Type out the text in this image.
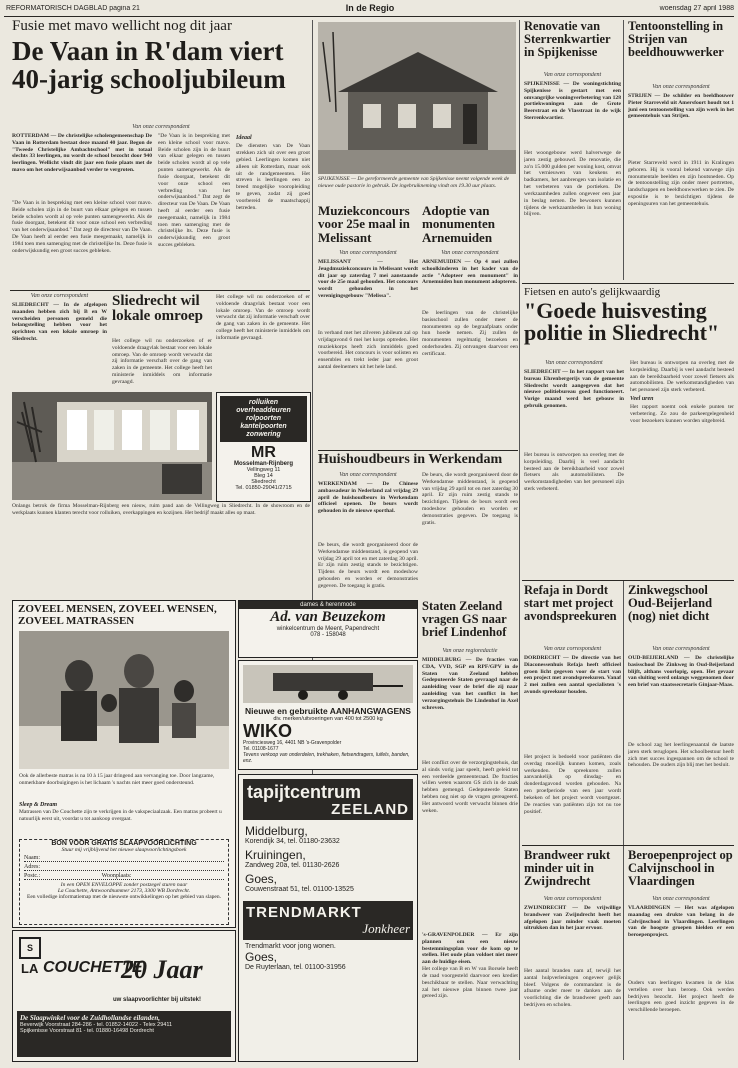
REFORMATORISCH DAGBLAD pagina 21	In de Regio	woensdag 27 april 1988
Fusie met mavo wellicht nog dit jaar
De Vaan in R'dam viert 40-jarig schooljubileum
Van onze correspondent
ROTTERDAM — De christelijke scholengemeenschap De Vaan in Rotterdam bestaat deze maand 40 jaar. Begon de "Tweede Christelijke Ambachtschool" met in totaal slechts 33 leerlingen, nu wordt de school bezocht door 940 leerlingen. Wellicht vindt dit jaar een fusie plaats met de mavo om het onderwijsaanbod verder te vergroten.
"De Vaan is in bespreking met een kleine school voor mavo. Beide scholen zijn in de buurt van elkaar gelegen en tussen beide scholen wordt al op vele punten samengewerkt. Als de fusie doorgaat, betekent dit voor onze school een verbreding van het onderwijsaanbod." Dat zegt de directeur van De Vaan. De Vaan heeft al eerder een fusie meegemaakt, namelijk in 1984 toen men samenging met de christelijke lts. Deze fusie is onderwijskundig een groot succes gebleken.
"De Vaan is in bespreking met een kleine school voor mavo. Beide scholen zijn in de buurt van elkaar gelegen en tussen beide scholen wordt al op vele punten samengewerkt. Als de fusie doorgaat, betekent dit voor onze school een verbreding van het onderwijsaanbod." Dat zegt de directeur van De Vaan. De Vaan heeft al eerder een fusie meegemaakt, namelijk in 1984 toen men samenging met de christelijke lts. Deze fusie is onderwijskundig een groot succes gebleken.
Ideaal
De diensten van De Vaan strekken zich uit over een groot gebied. Leerlingen komen niet alleen uit Rotterdam, maar ook uit de randgemeenten. Het streven is leerlingen een zo breed mogelijke vooropleiding te geven, zodat zij goed voorbereid de maatschappij betreden.
Van onze correspondent
SLIEDRECHT — In de afgelopen maanden hebben zich bij B en W verscheiden personen gemeld die belangstelling hebben voor het oprichten van een lokale omroep in Sliedrecht.
Sliedrecht wil lokale omroep
Het college wil nu onderzoeken of er voldoende draagvlak bestaat voor een lokale omroep. Van de omroep wordt verwacht dat zij informatie verschaft over de gang van zaken in de gemeente. Het college heeft het ministerie inmiddels om informatie gevraagd.
Het college wil nu onderzoeken of er voldoende draagvlak bestaat voor een lokale omroep. Van de omroep wordt verwacht dat zij informatie verschaft over de gang van zaken in de gemeente. Het college heeft het ministerie inmiddels om informatie gevraagd.
Onlangs betrok de firma Mosselman-Rijnberg een nieuw, ruim pand aan de Vellingweg in Sliedrecht. In de showroom en de werkplaats kunnen klanten terecht voor rolluiken, overkappingen en kozijnen. Het bedrijf maakt alles op maat.
rolluiken
overheaddeuren
rolpoorten
kantelpoorten
zonwering
MR
Mosselman-Rijnberg
Vellingweg 11
Bleg 14
Sliedrecht
Tel. 01850-29041/2715
ZOVEEL MENSEN, ZOVEEL WENSEN, ZOVEEL MATRASSEN
Ook de allerbeste matras is na 10 à 15 jaar dringend aan vervanging toe. Door langzame, onmerkbare doorbuigingen is het lichaam 's nachts niet meer goed ondersteund.
Sleep & Dream
Matrassen van De Couchette zijn te verkrijgen in de vakspeciaalzaak. Een matras probeert u natuurlijk eerst uit, voordat u tot aankoop overgaat.
BON VOOR GRATIS SLAAPVOORLICHTING
Stuur mij vrijblijvend het nieuwe slaapvoorlichtingsboek
Naam:
Adres:
Postc.:	Woonplaats:
In een OPEN ENVELOPPE zonder postzegel sturen naar
La Couchette, Antwoordnummer 2173, 3300 WB Dordrecht.
Een volledige informatiemap met de nieuwste ontwikkelingen op het gebied van slapen.
S
LA COUCHETTE
20 Jaar
uw slaapvoorlichter bij uitstek!
De Slaapwinkel voor de Zuidhollandse eilanden,
Beverwijk Voorstraat 284-286 - tel. 01852-14022 - Telex 29411
Spijkenisse Voorstraat 81 - tel. 01880-16498 Dordrecht
SPIJKENISSE — De gereformeerde gemeente van Spijkenisse neemt volgende week de nieuwe oude pastorie in gebruik. De ingebruikneming vindt om 19.30 uur plaats.
Muziekconcours voor 25e maal in Melissant
Van onze correspondent
MELISSANT — Het Jeugdmuziekconcours in Melissant wordt dit jaar op zaterdag 7 mei aanstaande voor de 25e maal gehouden. Het concours wordt gehouden in het verenigingsgebouw "Melissa".
In verband met het zilveren jubileum zal op vrijdagavond 6 mei het korps optreden. Het muziekkorps heeft zich inmiddels goed voorbereid. Het concours is voor solisten en ensembles en trekt ieder jaar een groot aantal deelnemers uit het hele land.
Adoptie van monumenten Arnemuiden
Van onze correspondent
ARNEMUIDEN — Op 4 mei zullen schoolkinderen in het kader van de actie "Adopteer een monument" in Arnemuiden hun monument adopteren.
De leerlingen van de christelijke basisschool zullen onder meer de monumenten op de begraafplaats onder hun hoede nemen. Zij zullen de monumenten regelmatig bezoeken en onderhouden. Zij ontvangen daarvoor een certificaat.
Huishoudbeurs in Werkendam
Van onze correspondent
WERKENDAM — De Chinese ambassadeur in Nederland zal vrijdag 29 april de huishoudbeurs in Werkendam officieel openen. De beurs wordt gehouden in de nieuwe sporthal.
De beurs, die wordt georganiseerd door de Werkendamse middenstand, is geopend van vrijdag 29 april tot en met zaterdag 30 april. Er zijn ruim zestig stands te bezichtigen. Tijdens de beurs wordt een modeshow gehouden en worden er demonstraties gegeven. De toegang is gratis.
De beurs, die wordt georganiseerd door de Werkendamse middenstand, is geopend van vrijdag 29 april tot en met zaterdag 30 april. Er zijn ruim zestig stands te bezichtigen. Tijdens de beurs wordt een modeshow gehouden en worden er demonstraties gegeven. De toegang is gratis.
dames & herenmode
Ad. van Beuzekom
winkelcentrum de Meent, Papendrecht
078 - 158048
Nieuwe en gebruikte AANHANGWAGENS
div. merken/uitvoeringen van 400 tot 2500 kg
WIKO
Provinciesweg 16, 4401 NB 's-Gravenpolder
Tel. 01108-1677
Tevens verkoop van onderdelen, trekhaken, fietsendragers, luifels, banden, enz.
tapijtcentrum
ZEELAND
Middelburg,
Korendijk 34, tel. 01180-23632
Kruiningen,
Zandweg 20a, tel. 01130-2626
Goes,
Couwenstraat 51, tel. 01100-13525
TRENDMARKT
Jonkheer
Trendmarkt voor jong wonen.
Goes,
De Ruyterlaan, tel. 01100-31956
Staten Zeeland vragen GS naar brief Lindenhof
Van onze regioredactie
MIDDELBURG — De fracties van CDA, VVD, SGP en RPF/GPV in de Staten van Zeeland hebben Gedeputeerde Staten gevraagd naar de aanleiding voor de brief die zij naar aanleiding van het conflict in het verzorgingstehuis De Lindenhof in Axel schreven.
Het conflict over de verzorgingstehuis, dat al sinds vorig jaar speelt, heeft geleid tot een verdeelde gemeenteraad. De fracties willen weten waarom GS zich in de zaak hebben gemengd. Gedeputeerde Staten hebben nog niet op de vragen gereageerd. Het antwoord wordt verwacht binnen drie weken.
's-GRAVENPOLDER — Er zijn plannen om een nieuw bestemmingsplan voor de kom op te stellen. Het oude plan voldoet niet meer aan de huidige eisen.
Het college van B en W van Borsele heeft de raad voorgesteld daarvoor een krediet beschikbaar te stellen. Naar verwachting zal het nieuwe plan binnen twee jaar gereed zijn.
Renovatie van Sterrenkwartier in Spijkenisse
Van onze correspondent
SPIJKENISSE — De woningstichting Spijkenisse is gestart met een omvangrijke woningverbetering van 128 portiekwoningen aan de Grote Beerstraat en de Vlasstraat in de wijk Sterrenkwartier.
Het woongebouw werd halverwege de jaren zestig gebouwd. De renovatie, die zo'n 15.000 gulden per woning kost, omvat het vernieuwen van keukens en badkamers, het aanbrengen van isolatie en het verbeteren van de portieken. De werkzaamheden zullen ongeveer een jaar in beslag nemen. De bewoners kunnen tijdens de werkzaamheden in hun woning blijven.
Tentoonstelling in Strijen van beeldhouwwerker
Van onze correspondent
STRIJEN — De schilder en beeldhouwer Pieter Starreveld uit Amersfoort houdt tot 1 juni een tentoonstelling van zijn werk in het gemeentehuis van Strijen.
Pieter Starreveld werd in 1911 in Kralingen geboren. Hij is vooral bekend vanwege zijn monumentale beelden en zijn houtsneden. Op de tentoonstelling zijn onder meer portretten, landschappen en beeldhouwwerken te zien. De expositie is te bezichtigen tijdens de openingsuren van het gemeentehuis.
Fietsen en auto's gelijkwaardig
"Goede huisvesting politie in Sliedrecht"
Van onze correspondent
SLIEDRECHT — In het rapport van het bureau Ehrenbergerijs van de gemeente Sliedrecht wordt aangegeven dat het nieuwe politiebureau goed functioneert. Vorige maand werd het gebouw in gebruik genomen.
Het bureau is ontworpen na overleg met de korpsleiding. Daarbij is veel aandacht besteed aan de bereikbaarheid voor zowel fietsers als automobilisten. De werkomstandigheden van het personeel zijn sterk verbeterd.
Het bureau is ontworpen na overleg met de korpsleiding. Daarbij is veel aandacht besteed aan de bereikbaarheid voor zowel fietsers als automobilisten. De werkomstandigheden van het personeel zijn sterk verbeterd.
Veel uren
Het rapport noemt ook enkele punten ter verbetering. Zo zou de parkeergelegenheid voor bezoekers kunnen worden uitgebreid.
Refaja in Dordt start met project avondspreekuren
Van onze correspondent
DORDRECHT — De directie van het Diaconessenhuis Refaja heeft officieel groen licht gegeven voor de start van een project met avondspreekuren. Vanaf 2 mei zullen een aantal specialisten 's avonds spreekuur houden.
Het project is bedoeld voor patiënten die overdag moeilijk kunnen komen, zoals werkenden. De spreekuren zullen aanvankelijk op dinsdag- en donderdagavond worden gehouden. Na een proefperiode van een jaar wordt bekeken of het project wordt voortgezet. De reacties van patiënten zijn tot nu toe positief.
Zinkwegschool Oud-Beijerland (nog) niet dicht
Van onze correspondent
OUD-BEIJERLAND — De christelijke basisschool De Zinkweg in Oud-Beijerland blijft, althans voorlopig, open. Het gevaar van sluiting werd onlangs weggenomen door een brief van staatssecretaris Ginjaar-Maas.
De school zag het leerlingenaantal de laatste jaren sterk teruglopen. Het schoolbestuur heeft zich met succes ingespannen om de school te behouden. De ouders zijn blij met het besluit.
Brandweer rukt minder uit in Zwijndrecht
Van onze correspondent
ZWIJNDRECHT — De vrijwillige brandweer van Zwijndrecht heeft het afgelopen jaar minder vaak moeten uitrukken dan in het jaar ervoor.
Het aantal branden nam af, terwijl het aantal hulpverleningen ongeveer gelijk bleef. Volgens de commandant is de afname onder meer te danken aan de voorlichting die de brandweer geeft aan bedrijven en scholen.
Beroepenproject op Calvijnschool in Vlaardingen
Van onze correspondent
VLAARDINGEN — Het was afgelopen maandag een drukte van belang in de Calvijnschool in Vlaardingen. Leerlingen van de hoogste groepen hielden er een beroepenproject.
Ouders van leerlingen kwamen in de klas vertellen over hun beroep. Ook werden bedrijven bezocht. Het project heeft de leerlingen een goed inzicht gegeven in de verschillende beroepen.
